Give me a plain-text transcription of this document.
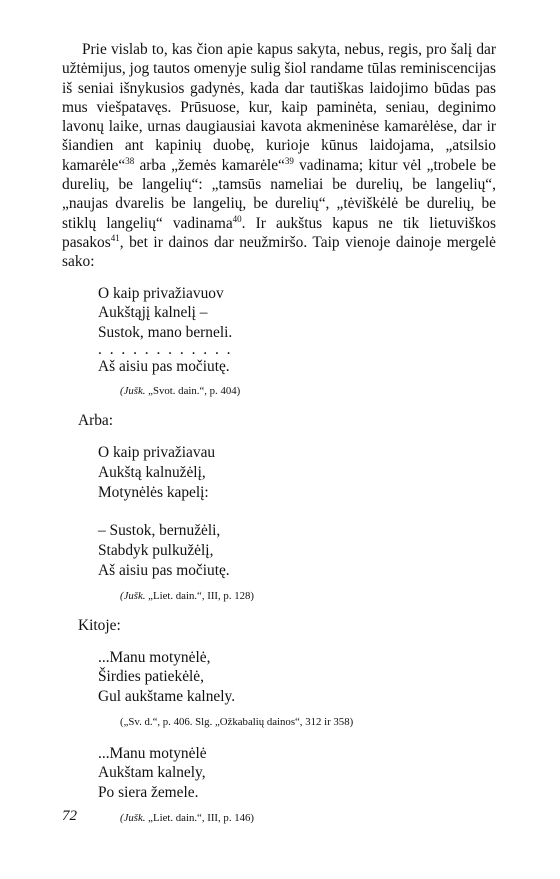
Prie vislab to, kas čion apie kapus sakyta, nebus, regis, pro šalį dar užtėmijus, jog tautos omenyje sulig šiol randame tūlas reminiscencijas iš seniai išnykusios gadynės, kada dar tautiškas laidojimo būdas pas mus viešpatavęs. Prūsuose, kur, kaip paminėta, seniau, deginimo lavonų laike, urnas daugiausiai kavota akmeninėse kamarėlėse, dar ir šiandien ant kapinių duobę, kurioje kūnus laidojama, „atsilsio kamarėle“$^{38}$ arba „žemės kamarėle“$^{39}$ vadinama; kitur vėl „trobele be durelių, be langelių“: „tamsūs nameliai be durelių, be langelių“, „naujas dvarelis be langelių, be durelių“, „tėviškėlė be durelių, be stiklų langelių“ vadinama$^{40}$. Ir aukštus kapus ne tik lietuviškos pasakos$^{41}$, bet ir dainos dar neužmiršo. Taip vienoje dainoje mergelė sako:

O kaip privažiavuov
Aukštąjį kalnelį –
Sustok, mano berneli.
. . . . . . . . . . . .
Aš aisiu pas močiutę.
(Jušk. „Svot. dain.“, p. 404)
Arba:
O kaip privažiavau
Aukštą kalnužėlį,
Motynėlės kapelį:
– Sustok, bernužėli,
Stabdyk pulkužėlį,
Aš aisiu pas močiutę.
(Jušk. „Liet. dain.“, III, p. 128)
Kitoje:
...Manu motynėlė,
Širdies patiekėlė,
Gul aukštame kalnely.
(„Sv. d.“, p. 406. Slg. „Ožkabalių dainos“, 312 ir 358)
...Manu motynėlė
Aukštam kalnely,
Po siera žemele.
(Jušk. „Liet. dain.“, III, p. 146)
72
